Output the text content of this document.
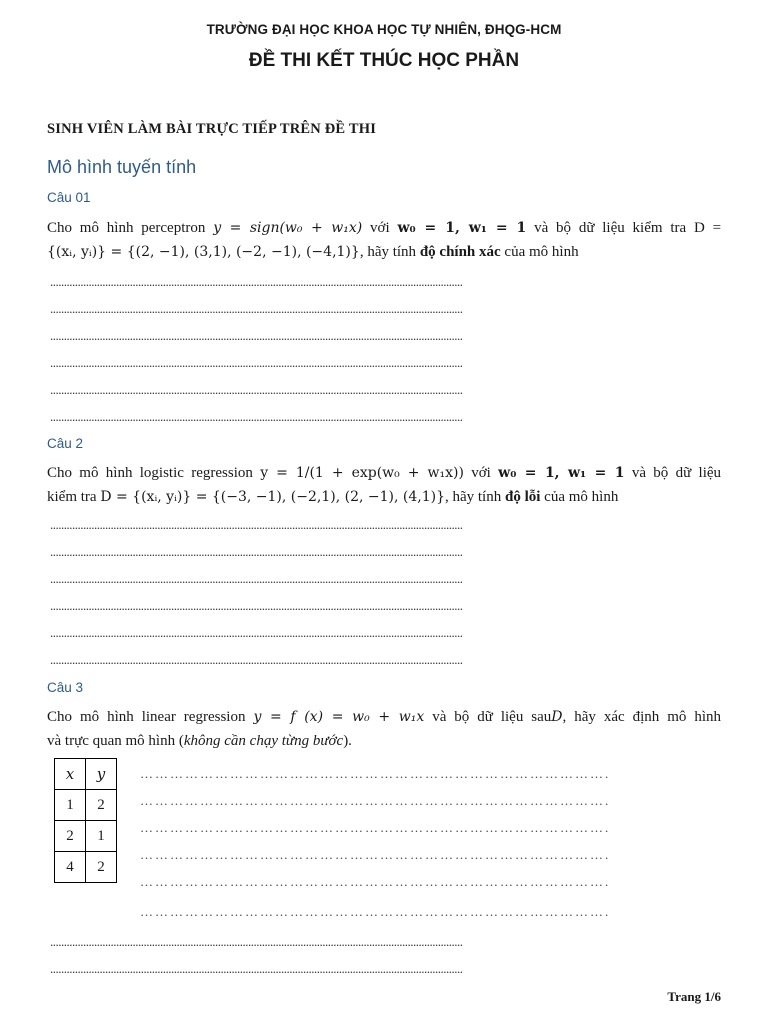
TRƯỜNG ĐẠI HỌC KHOA HỌC TỰ NHIÊN, ĐHQG-HCM
ĐỀ THI KẾT THÚC HỌC PHẦN
SINH VIÊN LÀM BÀI TRỰC TIẾP TRÊN ĐỀ THI
Mô hình tuyến tính
Câu 01
Cho mô hình perceptron y = sign(w₀ + w₁x) với w₀ = 1, w₁ = 1 và bộ dữ liệu kiểm tra D =
{(xᵢ, yᵢ)} = {(2, −1), (3,1), (−2, −1), (−4,1)}, hãy tính độ chính xác của mô hình
......................................................................................................................................................
......................................................................................................................................................
......................................................................................................................................................
......................................................................................................................................................
......................................................................................................................................................
......................................................................................................................................................
Câu 2
Cho mô hình logistic regression y = 1/(1 + exp(w₀ + w₁x)) với w₀ = 1, w₁ = 1 và bộ dữ liệu
kiểm tra D = {(xᵢ, yᵢ)} = {(−3, −1), (−2,1), (2, −1), (4,1)}, hãy tính độ lỗi của mô hình
......................................................................................................................................................
......................................................................................................................................................
......................................................................................................................................................
......................................................................................................................................................
......................................................................................................................................................
......................................................................................................................................................
Câu 3
Cho mô hình linear regression y = f (x) = w₀ + w₁x và bộ dữ liệu sauD, hãy xác định mô hình
và trực quan mô hình (không cần chạy từng bước).
x	y
1	2
2	1
4	2
………………………………………………………………………………….
………………………………………………………………………………….
………………………………………………………………………………….
………………………………………………………………………………….
………………………………………………………………………………….
………………………………………………………………………………….
......................................................................................................................................................
......................................................................................................................................................
Trang 1/6
